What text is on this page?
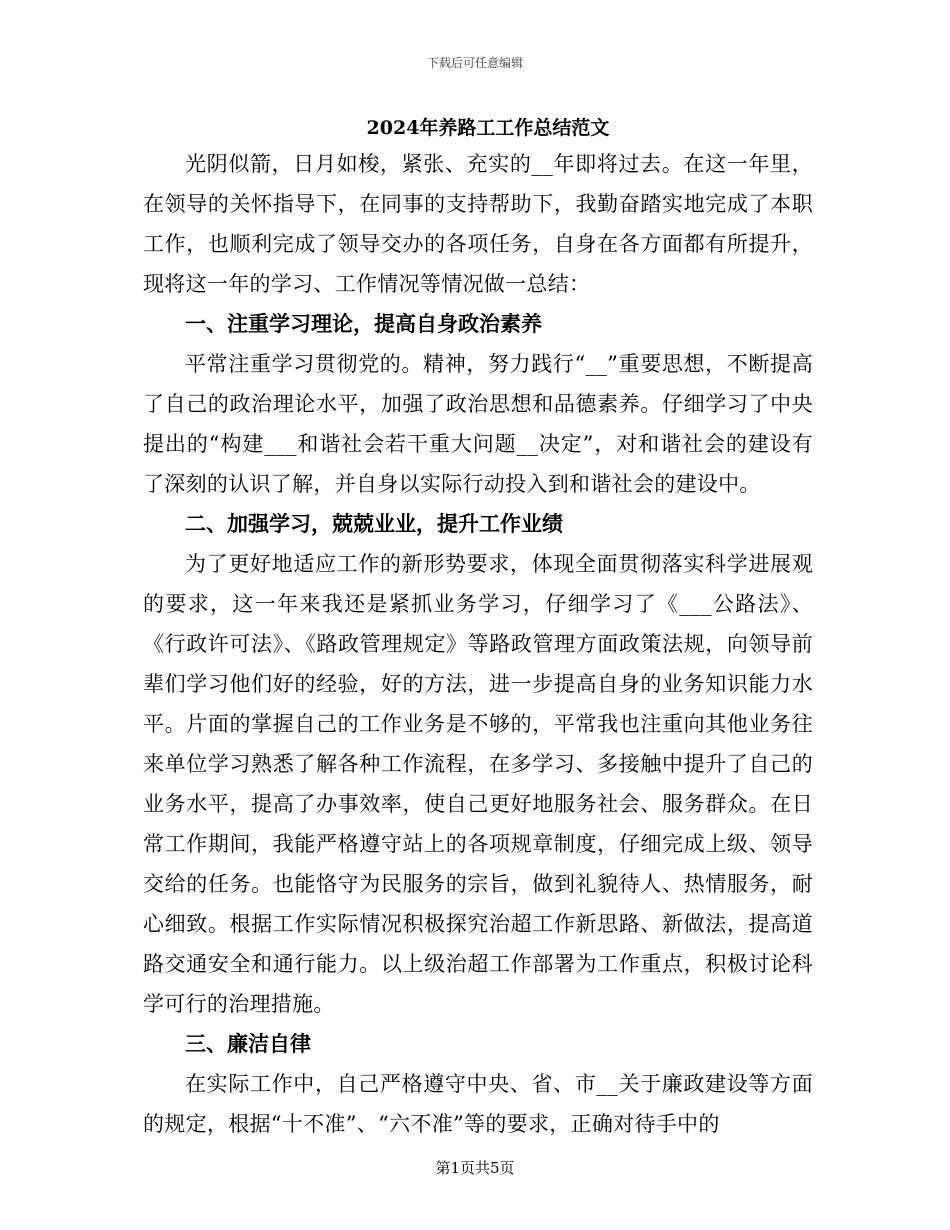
下载后可任意编辑
2024年养路工工作总结范文

光阴似箭，日月如梭，紧张、充实的__年即将过去。在这一年里，在领导的关怀指导下，在同事的支持帮助下，我勤奋踏实地完成了本职工作，也顺利完成了领导交办的各项任务，自身在各方面都有所提升，现将这一年的学习、工作情况等情况做一总结：

一、注重学习理论，提高自身政治素养

平常注重学习贯彻党的。精神，努力践行“__”重要思想，不断提高了自己的政治理论水平，加强了政治思想和品德素养。仔细学习了中央提出的“构建___和谐社会若干重大问题__决定”，对和谐社会的建设有了深刻的认识了解，并自身以实际行动投入到和谐社会的建设中。

二、加强学习，兢兢业业，提升工作业绩

为了更好地适应工作的新形势要求，体现全面贯彻落实科学进展观的要求，这一年来我还是紧抓业务学习，仔细学习了《___公路法》、《行政许可法》、《路政管理规定》等路政管理方面政策法规，向领导前辈们学习他们好的经验，好的方法，进一步提高自身的业务知识能力水平。片面的掌握自己的工作业务是不够的，平常我也注重向其他业务往来单位学习熟悉了解各种工作流程，在多学习、多接触中提升了自己的业务水平，提高了办事效率，使自己更好地服务社会、服务群众。在日常工作期间，我能严格遵守站上的各项规章制度，仔细完成上级、领导交给的任务。也能恪守为民服务的宗旨，做到礼貌待人、热情服务，耐心细致。根据工作实际情况积极探究治超工作新思路、新做法，提高道路交通安全和通行能力。以上级治超工作部署为工作重点，积极讨论科学可行的治理措施。

三、廉洁自律

在实际工作中，自己严格遵守中央、省、市__关于廉政建设等方面的规定，根据“十不准”、“六不准”等的要求，正确对待手中的

第1页共5页
